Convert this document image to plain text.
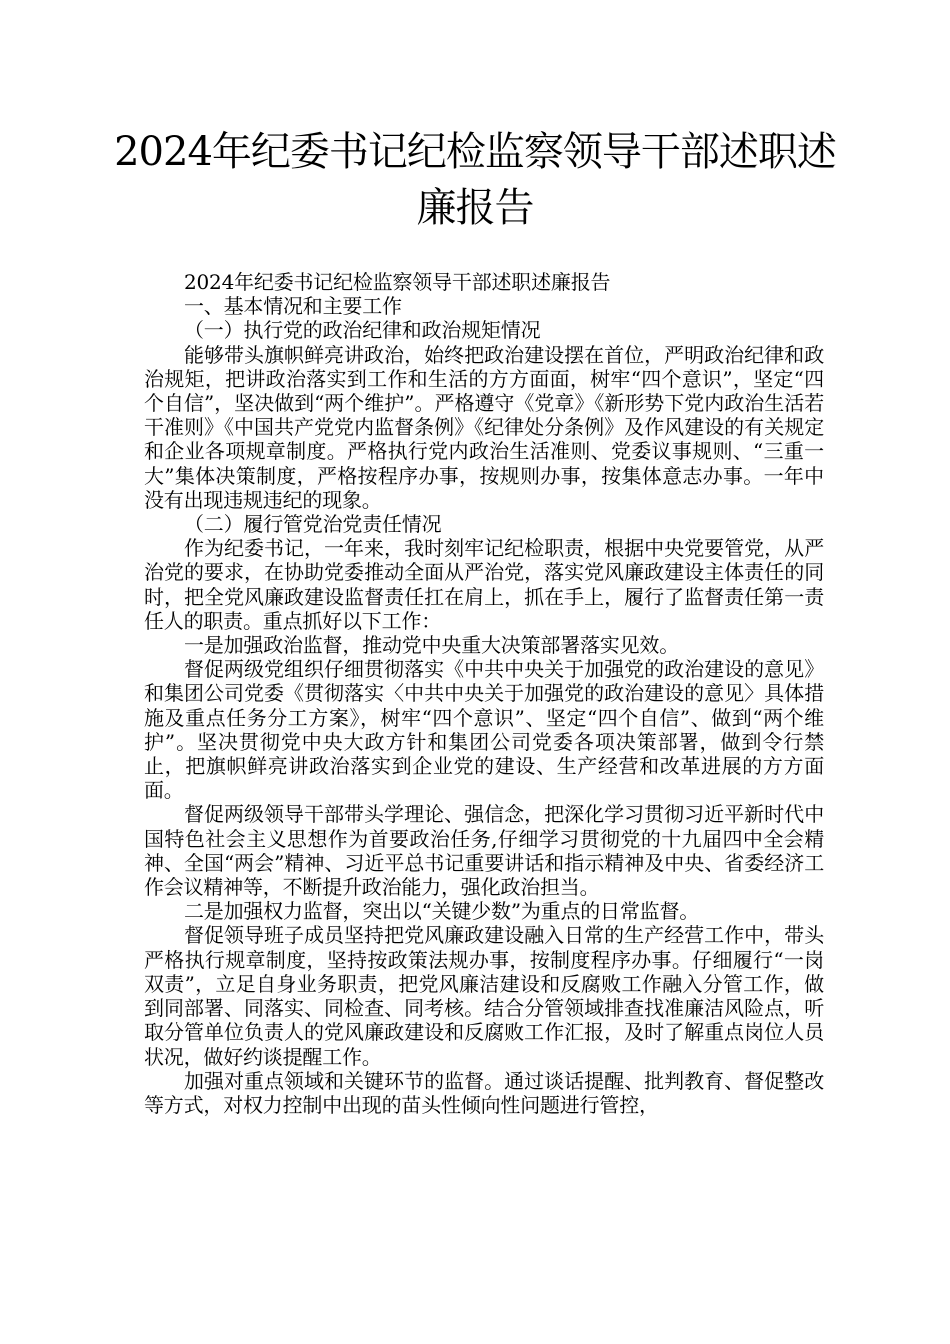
2024年纪委书记纪检监察领导干部述职述
廉报告

2024年纪委书记纪检监察领导干部述职述廉报告

一、基本情况和主要工作

（一）执行党的政治纪律和政治规矩情况

能够带头旗帜鲜亮讲政治，始终把政治建设摆在首位，严明政治纪律和政治规矩，把讲政治落实到工作和生活的方方面面，树牢“四个意识”，坚定“四个自信”，坚决做到“两个维护”。严格遵守《党章》《新形势下党内政治生活若干准则》《中国共产党党内监督条例》《纪律处分条例》及作风建设的有关规定和企业各项规章制度。严格执行党内政治生活准则、党委议事规则、“三重一大”集体决策制度，严格按程序办事，按规则办事，按集体意志办事。一年中没有出现违规违纪的现象。

（二）履行管党治党责任情况

作为纪委书记，一年来，我时刻牢记纪检职责，根据中央党要管党，从严治党的要求，在协助党委推动全面从严治党，落实党风廉政建设主体责任的同时，把全党风廉政建设监督责任扛在肩上，抓在手上，履行了监督责任第一责任人的职责。重点抓好以下工作：

一是加强政治监督，推动党中央重大决策部署落实见效。

督促两级党组织仔细贯彻落实《中共中央关于加强党的政治建设的意见》和集团公司党委《贯彻落实〈中共中央关于加强党的政治建设的意见〉具体措施及重点任务分工方案》，树牢“四个意识”、坚定“四个自信”、做到“两个维护”。坚决贯彻党中央大政方针和集团公司党委各项决策部署，做到令行禁止，把旗帜鲜亮讲政治落实到企业党的建设、生产经营和改革进展的方方面面。

督促两级领导干部带头学理论、强信念，把深化学习贯彻习近平新时代中国特色社会主义思想作为首要政治任务,仔细学习贯彻党的十九届四中全会精神、全国“两会”精神、习近平总书记重要讲话和指示精神及中央、省委经济工作会议精神等，不断提升政治能力，强化政治担当。

二是加强权力监督，突出以“关键少数”为重点的日常监督。

督促领导班子成员坚持把党风廉政建设融入日常的生产经营工作中，带头严格执行规章制度，坚持按政策法规办事，按制度程序办事。仔细履行“一岗双责”，立足自身业务职责，把党风廉洁建设和反腐败工作融入分管工作，做到同部署、同落实、同检查、同考核。结合分管领域排查找准廉洁风险点，听取分管单位负责人的党风廉政建设和反腐败工作汇报，及时了解重点岗位人员状况，做好约谈提醒工作。

加强对重点领域和关键环节的监督。通过谈话提醒、批判教育、督促整改等方式，对权力控制中出现的苗头性倾向性问题进行管控，
